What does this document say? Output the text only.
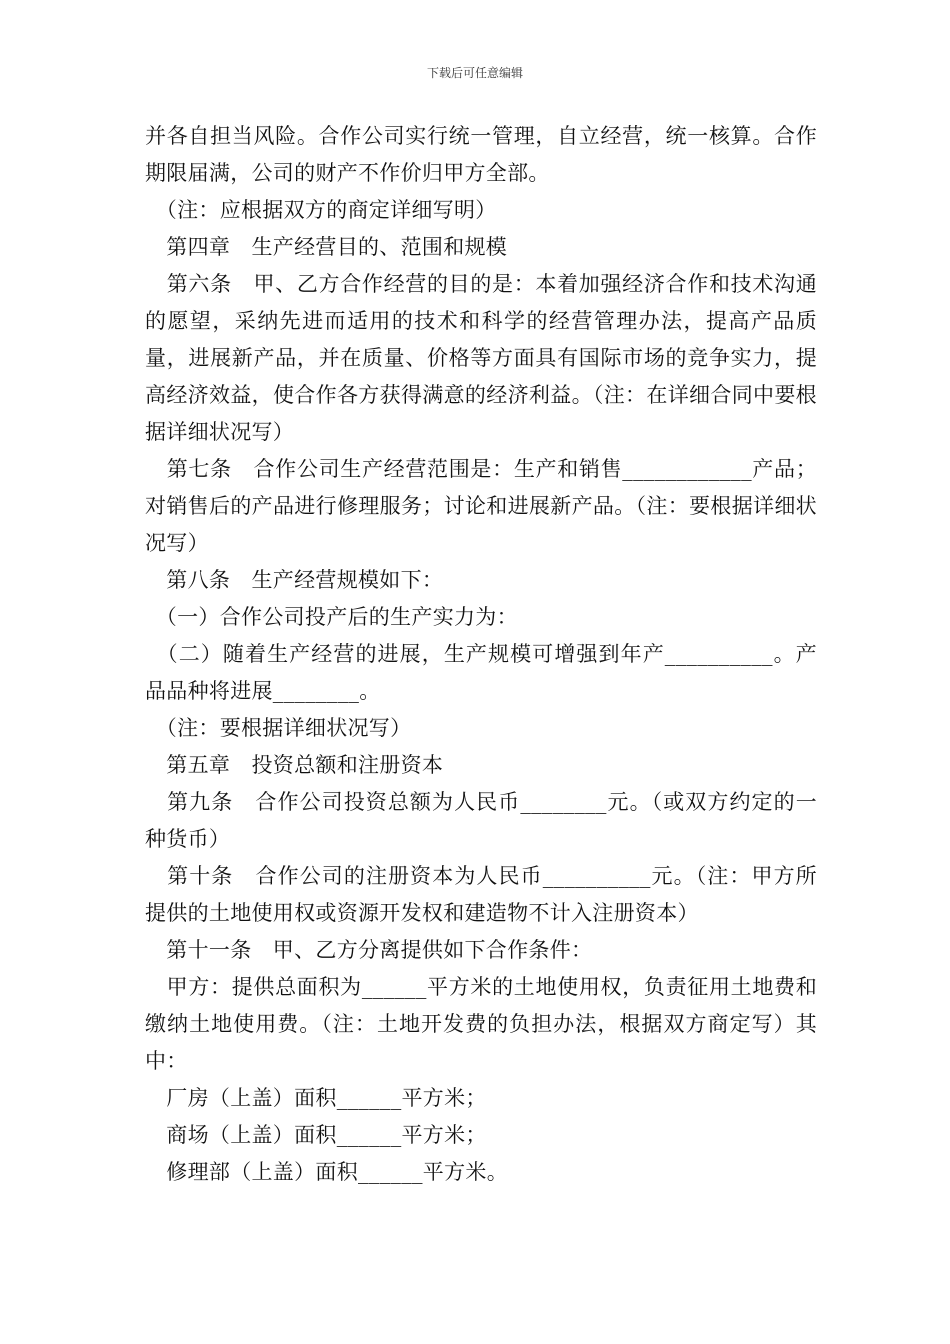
下载后可任意编辑

并各自担当风险。合作公司实行统一管理，自立经营，统一核算。合作期限届满，公司的财产不作价归甲方全部。

　（注：应根据双方的商定详细写明）

　第四章　生产经营目的、范围和规模

　第六条　甲、乙方合作经营的目的是：本着加强经济合作和技术沟通的愿望，采纳先进而适用的技术和科学的经营管理办法，提高产品质量，进展新产品，并在质量、价格等方面具有国际市场的竞争实力，提高经济效益，使合作各方获得满意的经济利益。（注：在详细合同中要根据详细状况写）

　第七条　合作公司生产经营范围是：生产和销售____________产品；对销售后的产品进行修理服务；讨论和进展新产品。（注：要根据详细状况写）

　第八条　生产经营规模如下：

　（一）合作公司投产后的生产实力为：

　（二）随着生产经营的进展，生产规模可增强到年产__________。产品品种将进展________。

　（注：要根据详细状况写）

　第五章　投资总额和注册资本

　第九条　合作公司投资总额为人民币________元。（或双方约定的一种货币）

　第十条　合作公司的注册资本为人民币__________元。（注：甲方所提供的土地使用权或资源开发权和建造物不计入注册资本）

　第十一条　甲、乙方分离提供如下合作条件：

　甲方：提供总面积为______平方米的土地使用权，负责征用土地费和缴纳土地使用费。（注：土地开发费的负担办法，根据双方商定写）其中：

　厂房（上盖）面积______平方米；

　商场（上盖）面积______平方米；

　修理部（上盖）面积______平方米。
